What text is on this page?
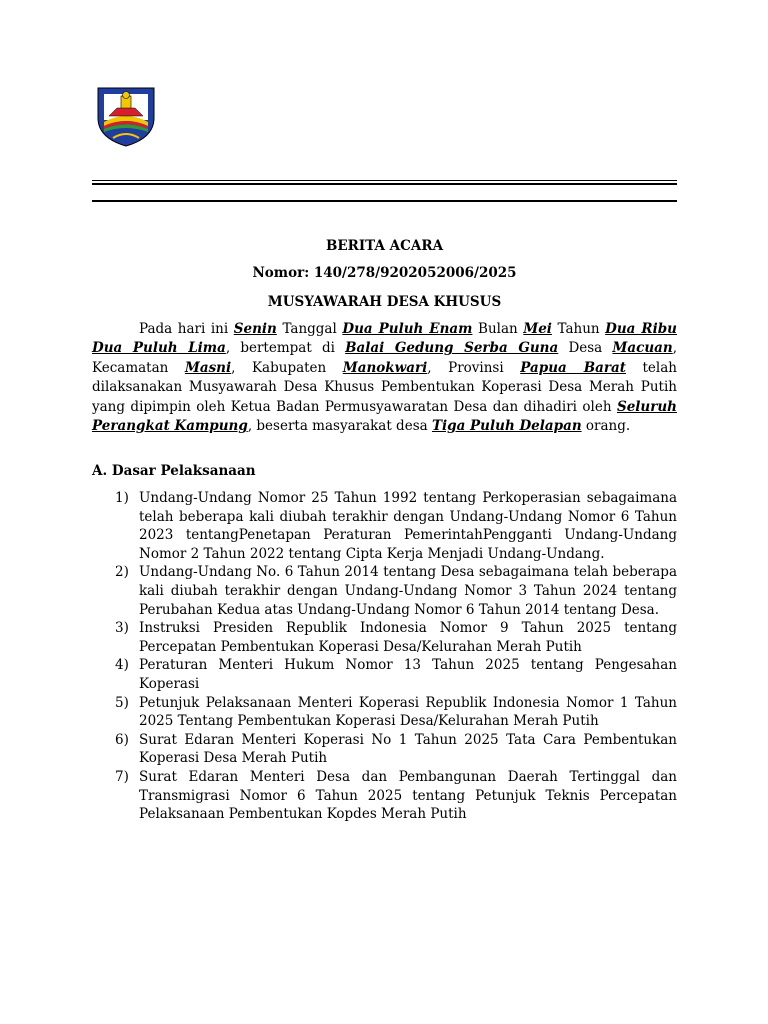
BERITA ACARA

Nomor: 140/278/9202052006/2025

MUSYAWARAH DESA KHUSUS

Pada hari ini Senin Tanggal Dua Puluh Enam Bulan Mei Tahun Dua Ribu Dua Puluh Lima, bertempat di Balai Gedung Serba Guna Desa Macuan, Kecamatan Masni, Kabupaten Manokwari, Provinsi Papua Barat telah dilaksanakan Musyawarah Desa Khusus Pembentukan Koperasi Desa Merah Putih yang dipimpin oleh Ketua Badan Permusyawaratan Desa dan dihadiri oleh Seluruh Perangkat Kampung, beserta masyarakat desa Tiga Puluh Delapan orang.

A. Dasar Pelaksanaan

1) Undang-Undang Nomor 25 Tahun 1992 tentang Perkoperasian sebagaimana telah beberapa kali diubah terakhir dengan Undang-Undang Nomor 6 Tahun 2023 tentangPenetapan Peraturan PemerintahPengganti Undang-Undang Nomor 2 Tahun 2022 tentang Cipta Kerja Menjadi Undang-Undang.
2) Undang-Undang No. 6 Tahun 2014 tentang Desa sebagaimana telah beberapa kali diubah terakhir dengan Undang-Undang Nomor 3 Tahun 2024 tentang Perubahan Kedua atas Undang-Undang Nomor 6 Tahun 2014 tentang Desa.
3) Instruksi Presiden Republik Indonesia Nomor 9 Tahun 2025 tentang Percepatan Pembentukan Koperasi Desa/Kelurahan Merah Putih
4) Peraturan Menteri Hukum Nomor 13 Tahun 2025 tentang Pengesahan Koperasi
5) Petunjuk Pelaksanaan Menteri Koperasi Republik Indonesia Nomor 1 Tahun 2025 Tentang Pembentukan Koperasi Desa/Kelurahan Merah Putih
6) Surat Edaran Menteri Koperasi No 1 Tahun 2025 Tata Cara Pembentukan Koperasi Desa Merah Putih
7) Surat Edaran Menteri Desa dan Pembangunan Daerah Tertinggal dan Transmigrasi Nomor 6 Tahun 2025 tentang Petunjuk Teknis Percepatan Pelaksanaan Pembentukan Kopdes Merah Putih
